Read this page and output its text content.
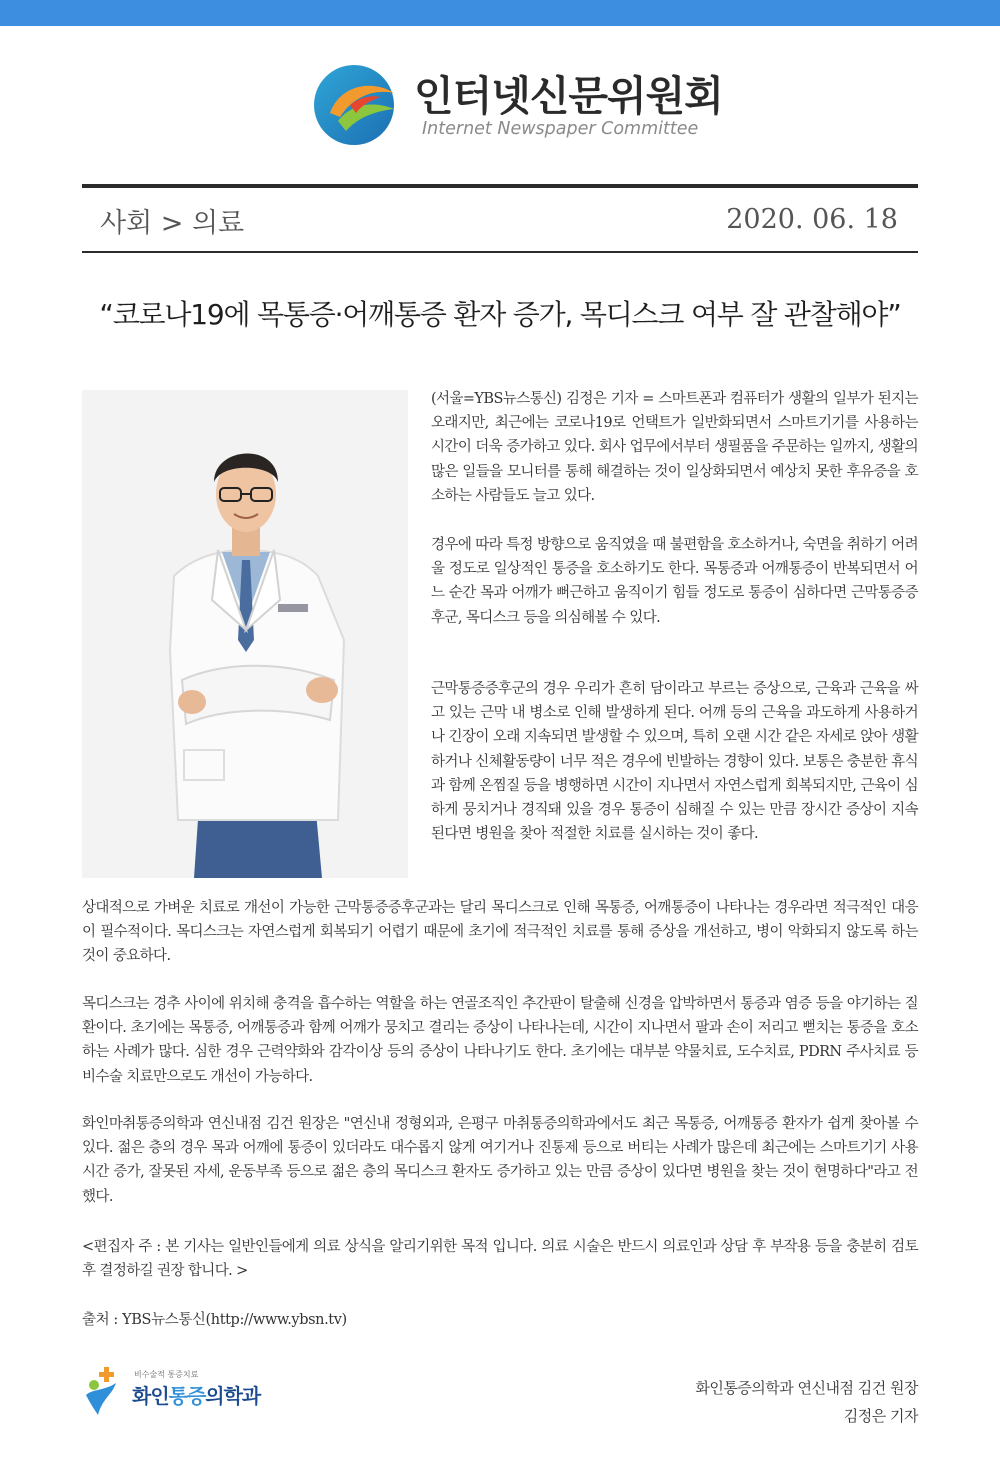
인터넷신문위원회
Internet Newspaper Committee
사회 > 의료	2020. 06. 18
“코로나19에 목통증·어깨통증 환자 증가, 목디스크 여부 잘 관찰해야”

(서울=YBS뉴스통신) 김정은 기자 = 스마트폰과 컴퓨터가 생활의 일부가 된지는 오래지만, 최근에는 코로나19로 언택트가 일반화되면서 스마트기기를 사용하는 시간이 더욱 증가하고 있다. 회사 업무에서부터 생필품을 주문하는 일까지, 생활의 많은 일들을 모니터를 통해 해결하는 것이 일상화되면서 예상치 못한 후유증을 호소하는 사람들도 늘고 있다.

경우에 따라 특정 방향으로 움직였을 때 불편함을 호소하거나, 숙면을 취하기 어려울 정도로 일상적인 통증을 호소하기도 한다. 목통증과 어깨통증이 반복되면서 어느 순간 목과 어깨가 뻐근하고 움직이기 힘들 정도로 통증이 심하다면 근막통증증후군, 목디스크 등을 의심해볼 수 있다.

근막통증증후군의 경우 우리가 흔히 담이라고 부르는 증상으로, 근육과 근육을 싸고 있는 근막 내 병소로 인해 발생하게 된다. 어깨 등의 근육을 과도하게 사용하거나 긴장이 오래 지속되면 발생할 수 있으며, 특히 오랜 시간 같은 자세로 앉아 생활하거나 신체활동량이 너무 적은 경우에 빈발하는 경향이 있다. 보통은 충분한 휴식과 함께 온찜질 등을 병행하면 시간이 지나면서 자연스럽게 회복되지만, 근육이 심하게 뭉치거나 경직돼 있을 경우 통증이 심해질 수 있는 만큼 장시간 증상이 지속된다면 병원을 찾아 적절한 치료를 실시하는 것이 좋다.

상대적으로 가벼운 치료로 개선이 가능한 근막통증증후군과는 달리 목디스크로 인해 목통증, 어깨통증이 나타나는 경우라면 적극적인 대응이 필수적이다. 목디스크는 자연스럽게 회복되기 어렵기 때문에 초기에 적극적인 치료를 통해 증상을 개선하고, 병이 악화되지 않도록 하는 것이 중요하다.

목디스크는 경추 사이에 위치해 충격을 흡수하는 역할을 하는 연골조직인 추간판이 탈출해 신경을 압박하면서 통증과 염증 등을 야기하는 질환이다. 초기에는 목통증, 어깨통증과 함께 어깨가 뭉치고 결리는 증상이 나타나는데, 시간이 지나면서 팔과 손이 저리고 뻗치는 통증을 호소하는 사례가 많다. 심한 경우 근력약화와 감각이상 등의 증상이 나타나기도 한다. 초기에는 대부분 약물치료, 도수치료, PDRN 주사치료 등 비수술 치료만으로도 개선이 가능하다.

화인마취통증의학과 연신내점 김건 원장은 "연신내 정형외과, 은평구 마취통증의학과에서도 최근 목통증, 어깨통증 환자가 쉽게 찾아볼 수 있다. 젊은 층의 경우 목과 어깨에 통증이 있더라도 대수롭지 않게 여기거나 진통제 등으로 버티는 사례가 많은데 최근에는 스마트기기 사용시간 증가, 잘못된 자세, 운동부족 등으로 젊은 층의 목디스크 환자도 증가하고 있는 만큼 증상이 있다면 병원을 찾는 것이 현명하다"라고 전했다.

<편집자 주 : 본 기사는 일반인들에게 의료 상식을 알리기위한 목적 입니다. 의료 시술은 반드시 의료인과 상담 후 부작용 등을 충분히 검토 후 결정하길 권장 합니다. >

출처 : YBS뉴스통신(http://www.ybsn.tv)
비수술적 통증치료
화인통증의학과	화인통증의학과 연신내점 김건 원장
김정은 기자
